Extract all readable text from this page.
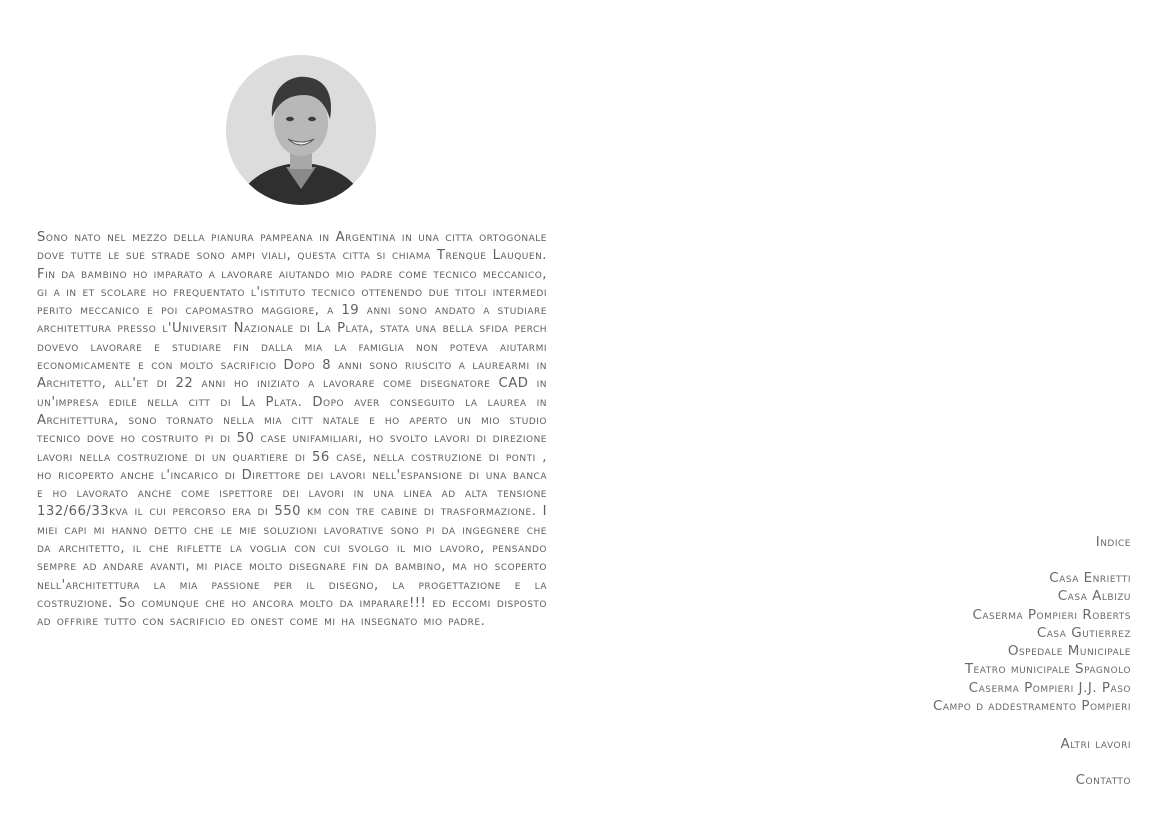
Sono nato nel mezzo della pianura pampeana in Argentina in una citta ortogonale dove tutte le sue strade sono ampi viali, questa citta si chiama Trenque Lauquen. Fin da bambino ho imparato a lavorare aiutando mio padre come tecnico meccanico, gi a in et scolare ho frequentato l'istituto tecnico ottenendo due titoli intermedi perito meccanico e poi capomastro maggiore, a 19 anni sono andato a studiare architettura presso l'Universit Nazionale di La Plata, stata una bella sfida perch dovevo lavorare e studiare fin dalla mia la famiglia non poteva aiutarmi economicamente e con molto sacrificio Dopo 8 anni sono riuscito a laurearmi in Architetto, all'et di 22 anni ho iniziato a lavorare come disegnatore CAD in un'impresa edile nella citt di La Plata. Dopo aver conseguito la laurea in Architettura, sono tornato nella mia citt natale e ho aperto un mio studio tecnico dove ho costruito pi di 50 case unifamiliari, ho svolto lavori di direzione lavori nella costruzione di un quartiere di 56 case, nella costruzione di ponti , ho ricoperto anche l'incarico di Direttore dei lavori nell'espansione di una banca e ho lavorato anche come ispettore dei lavori in una linea ad alta tensione 132/66/33kva il cui percorso era di 550 km con tre cabine di trasformazione. I miei capi mi hanno detto che le mie soluzioni lavorative sono pi da ingegnere che da architetto, il che riflette la voglia con cui svolgo il mio lavoro, pensando sempre ad andare avanti, mi piace molto disegnare fin da bambino, ma ho scoperto nell'architettura la mia passione per il disegno, la progettazione e la costruzione. So comunque che ho ancora molto da imparare!!! ed eccomi disposto ad offrire tutto con sacrificio ed onest come mi ha insegnato mio padre.

Indice
Casa Enrietti
Casa Albizu
Caserma Pompieri Roberts
Casa Gutierrez
Ospedale Municipale
Teatro municipale Spagnolo
Caserma Pompieri J.J. Paso
Campo d addestramento Pompieri
Altri lavori
Contatto
